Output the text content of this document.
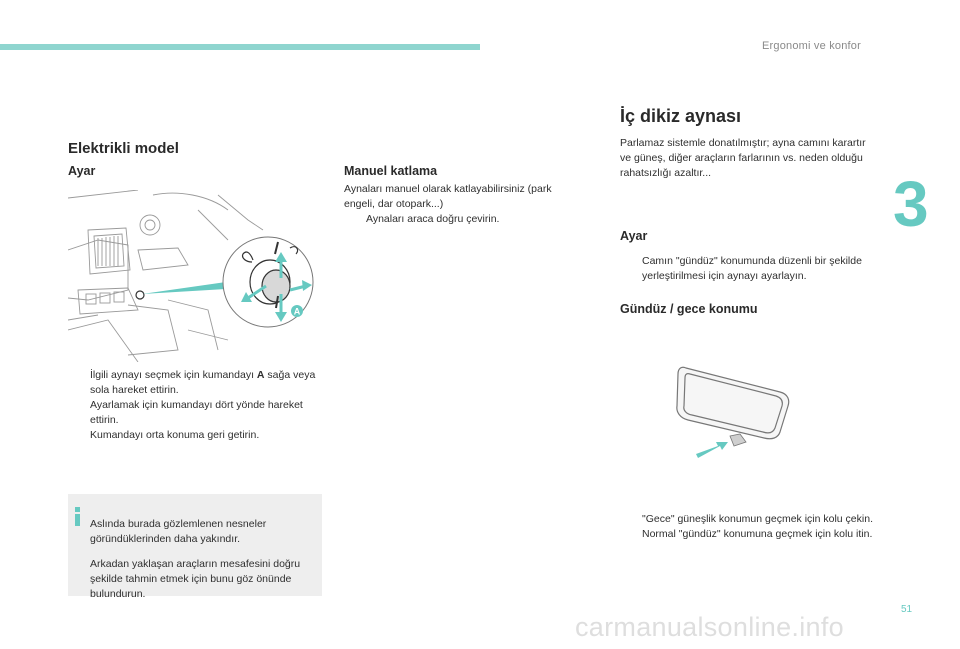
Ergonomi ve konfor
3
51
Elektrikli model
Ayar
A
İlgili aynayı seçmek için kumandayı A sağa veya sola hareket ettirin.
Ayarlamak için kumandayı dört yönde hareket ettirin.
Kumandayı orta konuma geri getirin.

Aslında burada gözlemlenen nesneler göründüklerinden daha yakındır.

Arkadan yaklaşan araçların mesafesini doğru şekilde tahmin etmek için bunu göz önünde bulundurun.

Manuel katlama

Aynaları manuel olarak katlayabilirsiniz (park engeli, dar otopark...)

Aynaları araca doğru çevirin.
İç dikiz aynası
Parlamaz sistemle donatılmıştır; ayna camını karartır ve güneş, diğer araçların farlarının vs. neden olduğu rahatsızlığı azaltır...
Ayar
Camın "gündüz" konumunda düzenli bir şekilde yerleştirilmesi için aynayı ayarlayın.
Gündüz / gece konumu
"Gece" güneşlik konumun geçmek için kolu çekin.
Normal "gündüz" konumuna geçmek için kolu itin.
carmanualsonline.info
